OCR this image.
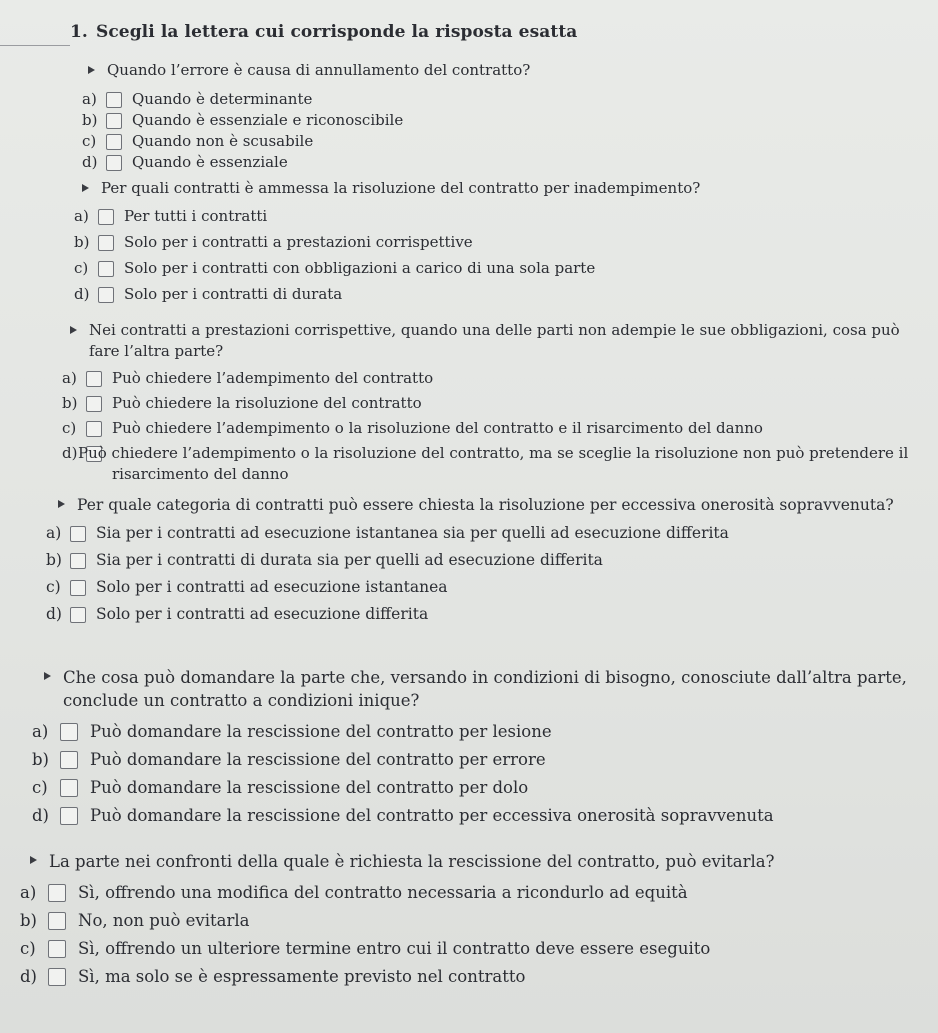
1. Scegli la lettera cui corrisponde la risposta esatta
Quando l’errore è causa di annullamento del contratto?
a)	Quando è determinante
b)	Quando è essenziale e riconoscibile
c)	Quando non è scusabile
d)	Quando è essenziale
Per quali contratti è ammessa la risoluzione del contratto per inadempimento?
a)	Per tutti i contratti
b)	Solo per i contratti a prestazioni corrispettive
c)	Solo per i contratti con obbligazioni a carico di una sola parte
d)	Solo per i contratti di durata
Nei contratti a prestazioni corrispettive, quando una delle parti non adempie le sue obbligazioni, cosa può fare l’altra parte?
a)	Può chiedere l’adempimento del contratto
b)	Può chiedere la risoluzione del contratto
c)	Può chiedere l’adempimento o la risoluzione del contratto e il risarcimento del danno
d) Può chiedere l’adempimento o la risoluzione del contratto, ma se sceglie la risoluzione non può pretendere il risarcimento del danno
Per quale categoria di contratti può essere chiesta la risoluzione per eccessiva onerosità sopravvenuta?
a)	Sia per i contratti ad esecuzione istantanea sia per quelli ad esecuzione differita
b)	Sia per i contratti di durata sia per quelli ad esecuzione differita
c)	Solo per i contratti ad esecuzione istantanea
d)	Solo per i contratti ad esecuzione differita
Che cosa può domandare la parte che, versando in condizioni di bisogno, conosciute dall’altra parte, conclude un contratto a condizioni inique?
a)	Può domandare la rescissione del contratto per lesione
b)	Può domandare la rescissione del contratto per errore
c)	Può domandare la rescissione del contratto per dolo
d)	Può domandare la rescissione del contratto per eccessiva onerosità sopravvenuta
La parte nei confronti della quale è richiesta la rescissione del contratto, può evitarla?
a)	Sì, offrendo una modifica del contratto necessaria a ricondurlo ad equità
b)	No, non può evitarla
c)	Sì, offrendo un ulteriore termine entro cui il contratto deve essere eseguito
d)	Sì, ma solo se è espressamente previsto nel contratto
